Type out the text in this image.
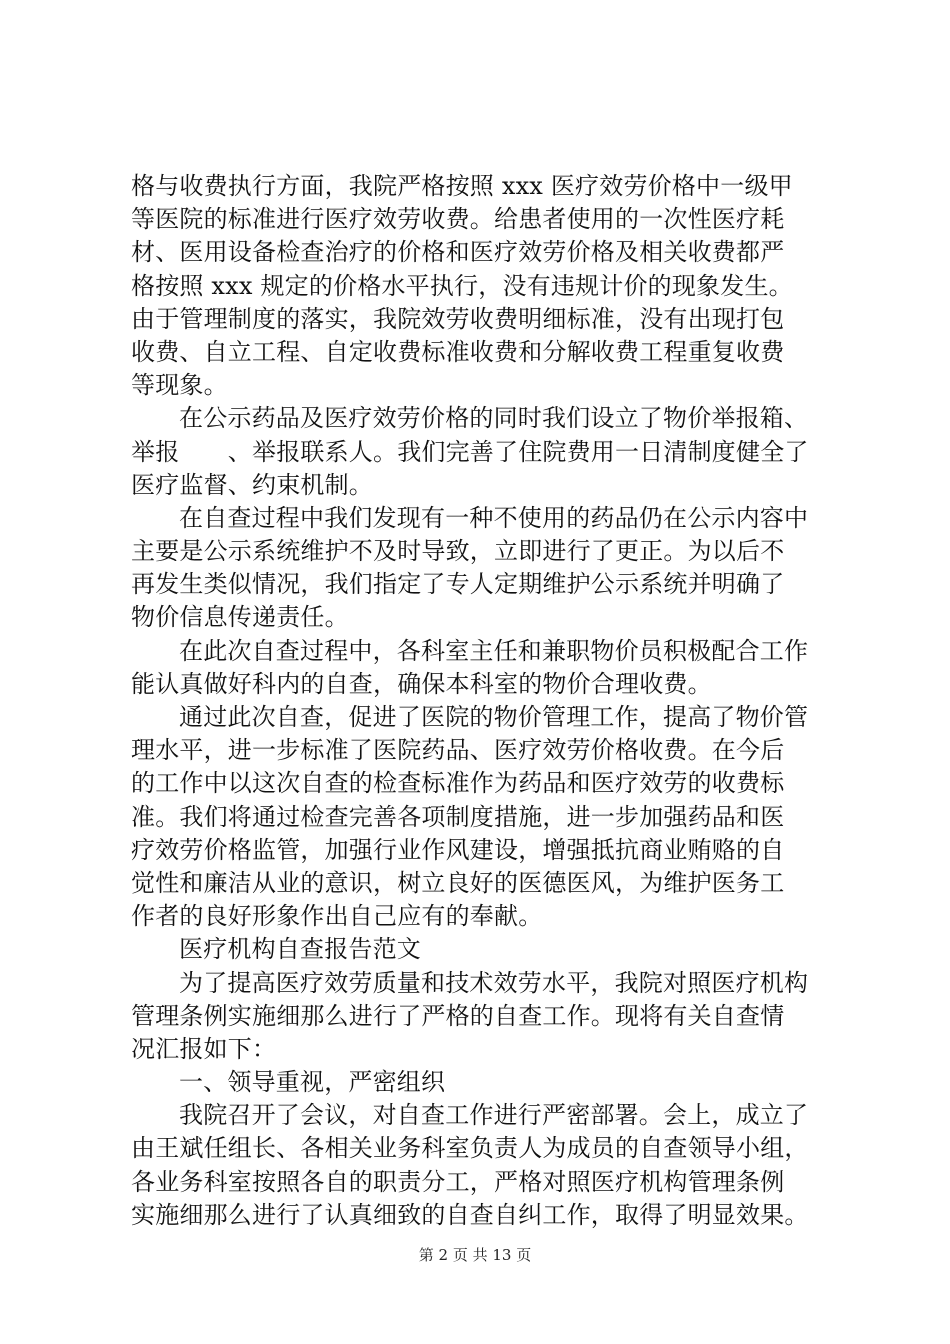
格与收费执行方面，我院严格按照 xxx 医疗效劳价格中一级甲
等医院的标准进行医疗效劳收费。给患者使用的一次性医疗耗
材、医用设备检查治疗的价格和医疗效劳价格及相关收费都严
格按照 xxx 规定的价格水平执行，没有违规计价的现象发生。
由于管理制度的落实，我院效劳收费明细标准，没有出现打包
收费、自立工程、自定收费标准收费和分解收费工程重复收费
等现象。
在公示药品及医疗效劳价格的同时我们设立了物价举报箱、
举报　　、举报联系人。我们完善了住院费用一日清制度健全了
医疗监督、约束机制。
在自查过程中我们发现有一种不使用的药品仍在公示内容中
主要是公示系统维护不及时导致，立即进行了更正。为以后不
再发生类似情况，我们指定了专人定期维护公示系统并明确了
物价信息传递责任。
在此次自查过程中，各科室主任和兼职物价员积极配合工作
能认真做好科内的自查，确保本科室的物价合理收费。
通过此次自查，促进了医院的物价管理工作，提高了物价管
理水平，进一步标准了医院药品、医疗效劳价格收费。在今后
的工作中以这次自查的检查标准作为药品和医疗效劳的收费标
准。我们将通过检查完善各项制度措施，进一步加强药品和医
疗效劳价格监管，加强行业作风建设，增强抵抗商业贿赂的自
觉性和廉洁从业的意识，树立良好的医德医风，为维护医务工
作者的良好形象作出自己应有的奉献。
医疗机构自查报告范文
为了提高医疗效劳质量和技术效劳水平，我院对照医疗机构
管理条例实施细那么进行了严格的自查工作。现将有关自查情
况汇报如下：
一、领导重视，严密组织
我院召开了会议，对自查工作进行严密部署。会上，成立了
由王斌任组长、各相关业务科室负责人为成员的自查领导小组，
各业务科室按照各自的职责分工，严格对照医疗机构管理条例
实施细那么进行了认真细致的自查自纠工作，取得了明显效果。
第 2 页 共 13 页
